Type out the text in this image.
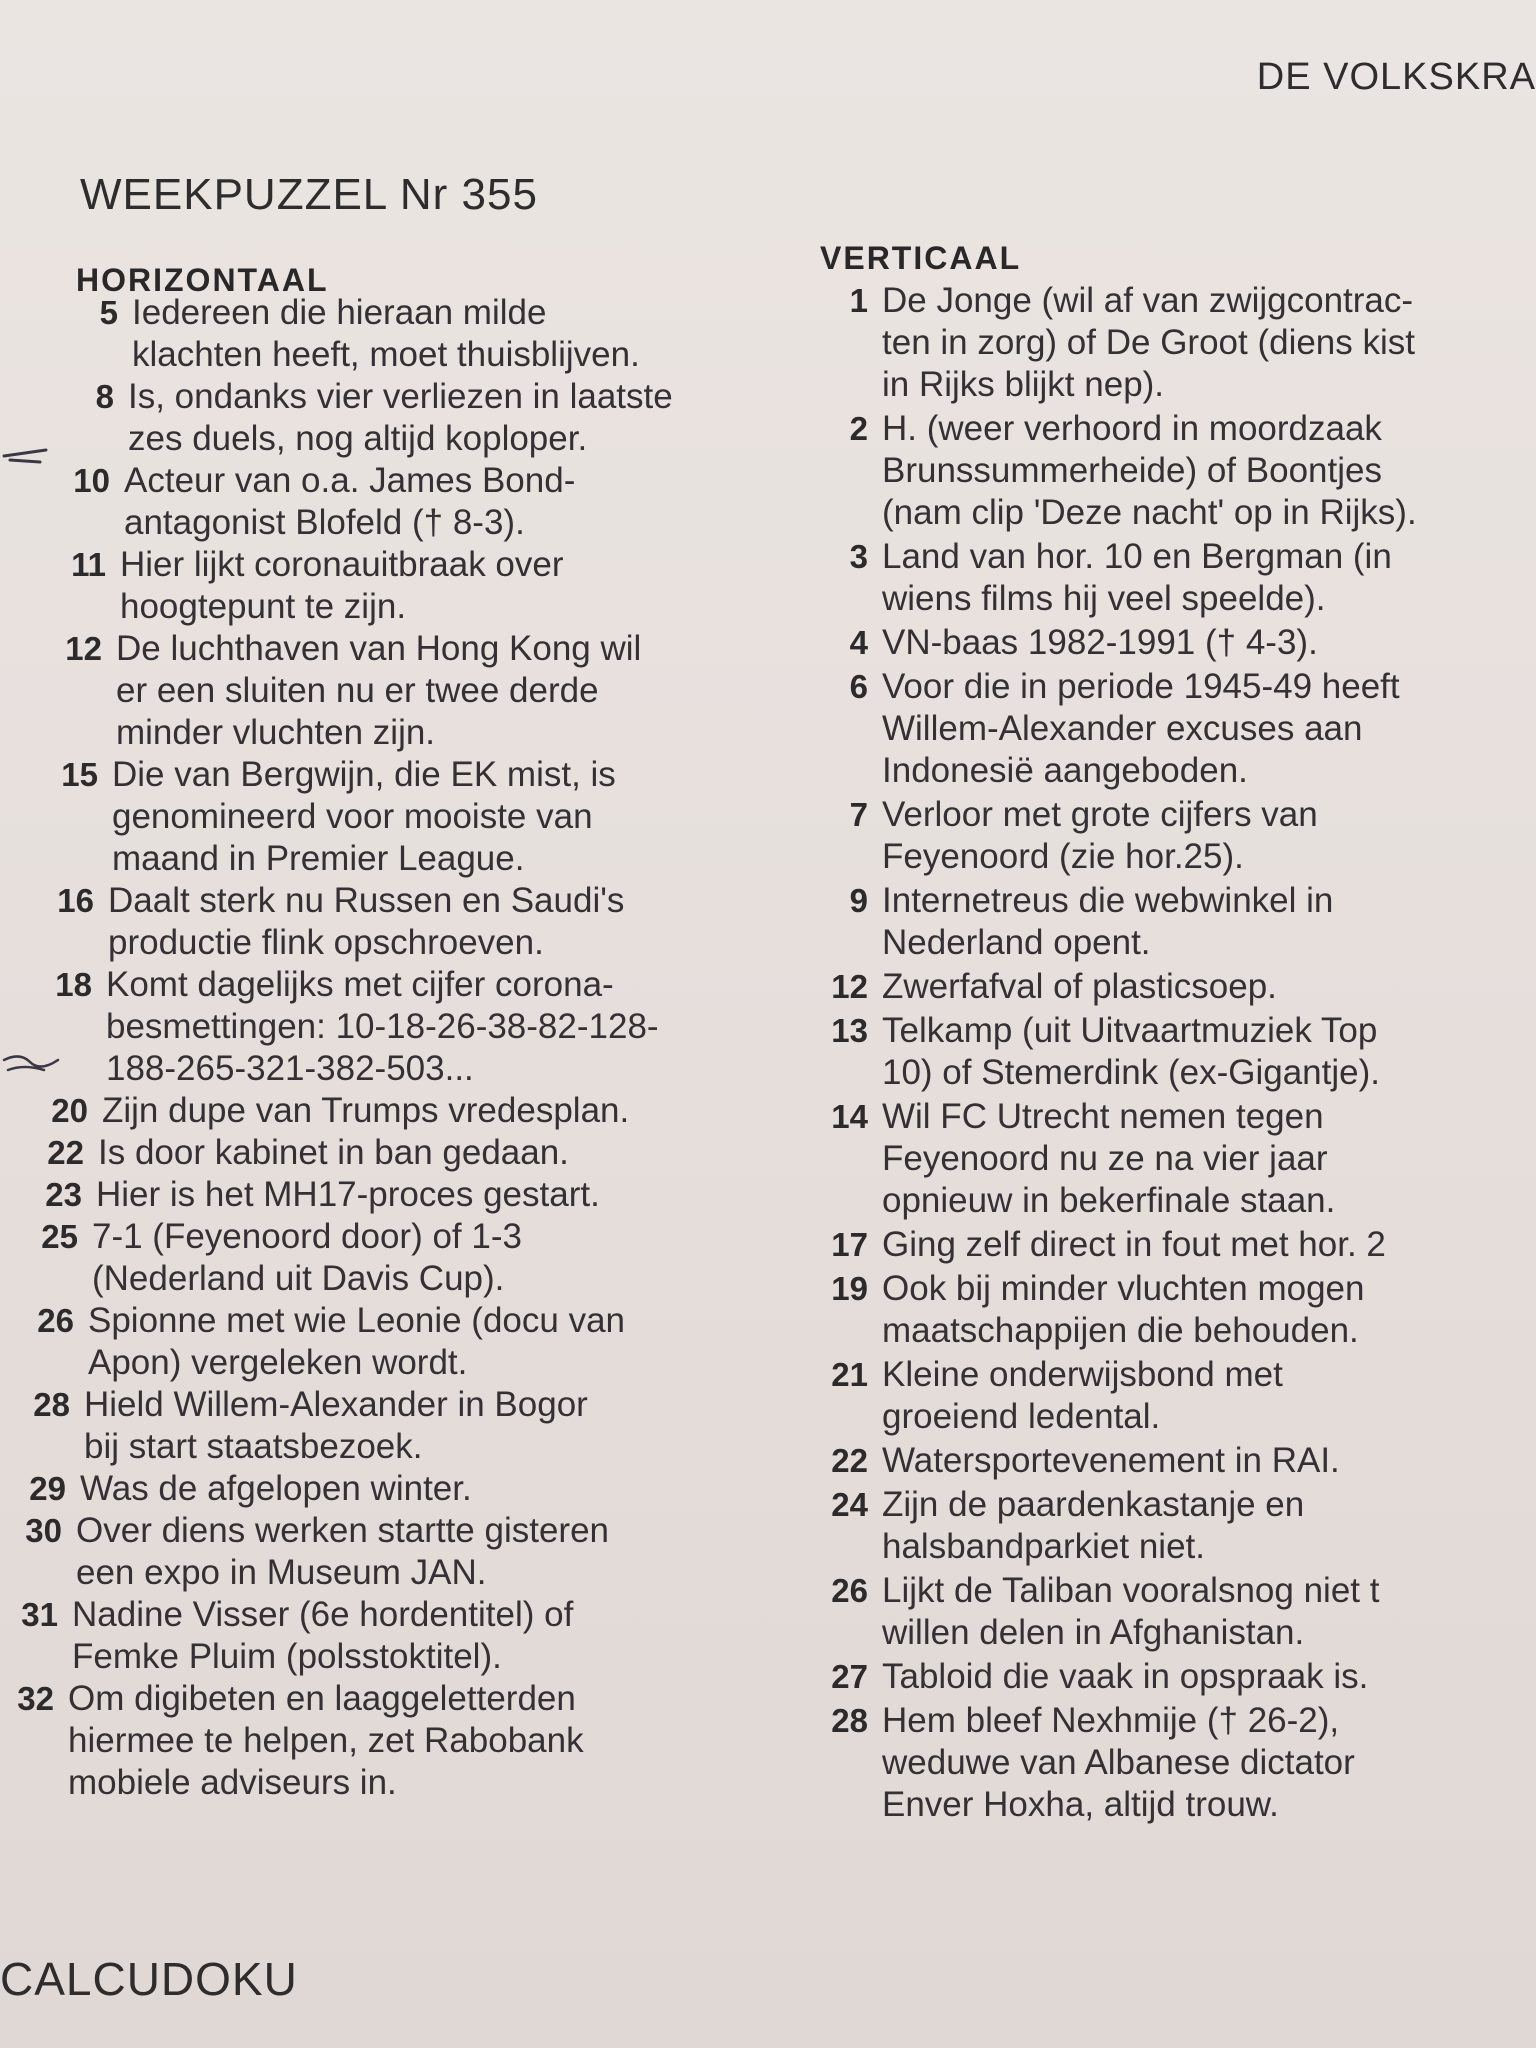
DE VOLKSKRA
WEEKPUZZEL Nr 355
HORIZONTAAL
5 Iedereen die hieraan milde
klachten heeft, moet thuisblijven.
8 Is, ondanks vier verliezen in laatste
zes duels, nog altijd koploper.
10 Acteur van o.a. James Bond-
antagonist Blofeld († 8-3).
11 Hier lijkt coronauitbraak over
hoogtepunt te zijn.
12 De luchthaven van Hong Kong wil
er een sluiten nu er twee derde
minder vluchten zijn.
15 Die van Bergwijn, die EK mist, is
genomineerd voor mooiste van
maand in Premier League.
16 Daalt sterk nu Russen en Saudi's
productie flink opschroeven.
18 Komt dagelijks met cijfer corona-
besmettingen: 10-18-26-38-82-128-
188-265-321-382-503...
20 Zijn dupe van Trumps vredesplan.
22 Is door kabinet in ban gedaan.
23 Hier is het MH17-proces gestart.
25 7-1 (Feyenoord door) of 1-3
(Nederland uit Davis Cup).
26 Spionne met wie Leonie (docu van
Apon) vergeleken wordt.
28 Hield Willem-Alexander in Bogor
bij start staatsbezoek.
29 Was de afgelopen winter.
30 Over diens werken startte gisteren
een expo in Museum JAN.
31 Nadine Visser (6e hordentitel) of
Femke Pluim (polsstoktitel).
32 Om digibeten en laaggeletterden
hiermee te helpen, zet Rabobank
mobiele adviseurs in.
VERTICAAL
1 De Jonge (wil af van zwijgcontrac-
ten in zorg) of De Groot (diens kist
in Rijks blijkt nep).
2 H. (weer verhoord in moordzaak
Brunssummerheide) of Boontjes
(nam clip 'Deze nacht' op in Rijks).
3 Land van hor. 10 en Bergman (in
wiens films hij veel speelde).
4 VN-baas 1982-1991 († 4-3).
6 Voor die in periode 1945-49 heeft
Willem-Alexander excuses aan
Indonesië aangeboden.
7 Verloor met grote cijfers van
Feyenoord (zie hor.25).
9 Internetreus die webwinkel in
Nederland opent.
12 Zwerfafval of plasticsoep.
13 Telkamp (uit Uitvaartmuziek Top
10) of Stemerdink (ex-Gigantje).
14 Wil FC Utrecht nemen tegen
Feyenoord nu ze na vier jaar
opnieuw in bekerfinale staan.
17 Ging zelf direct in fout met hor. 2
19 Ook bij minder vluchten mogen
maatschappijen die behouden.
21 Kleine onderwijsbond met
groeiend ledental.
22 Watersportevenement in RAI.
24 Zijn de paardenkastanje en
halsbandparkiet niet.
26 Lijkt de Taliban vooralsnog niet t
willen delen in Afghanistan.
27 Tabloid die vaak in opspraak is.
28 Hem bleef Nexhmije († 26-2),
weduwe van Albanese dictator
Enver Hoxha, altijd trouw.
CALCUDOKU
